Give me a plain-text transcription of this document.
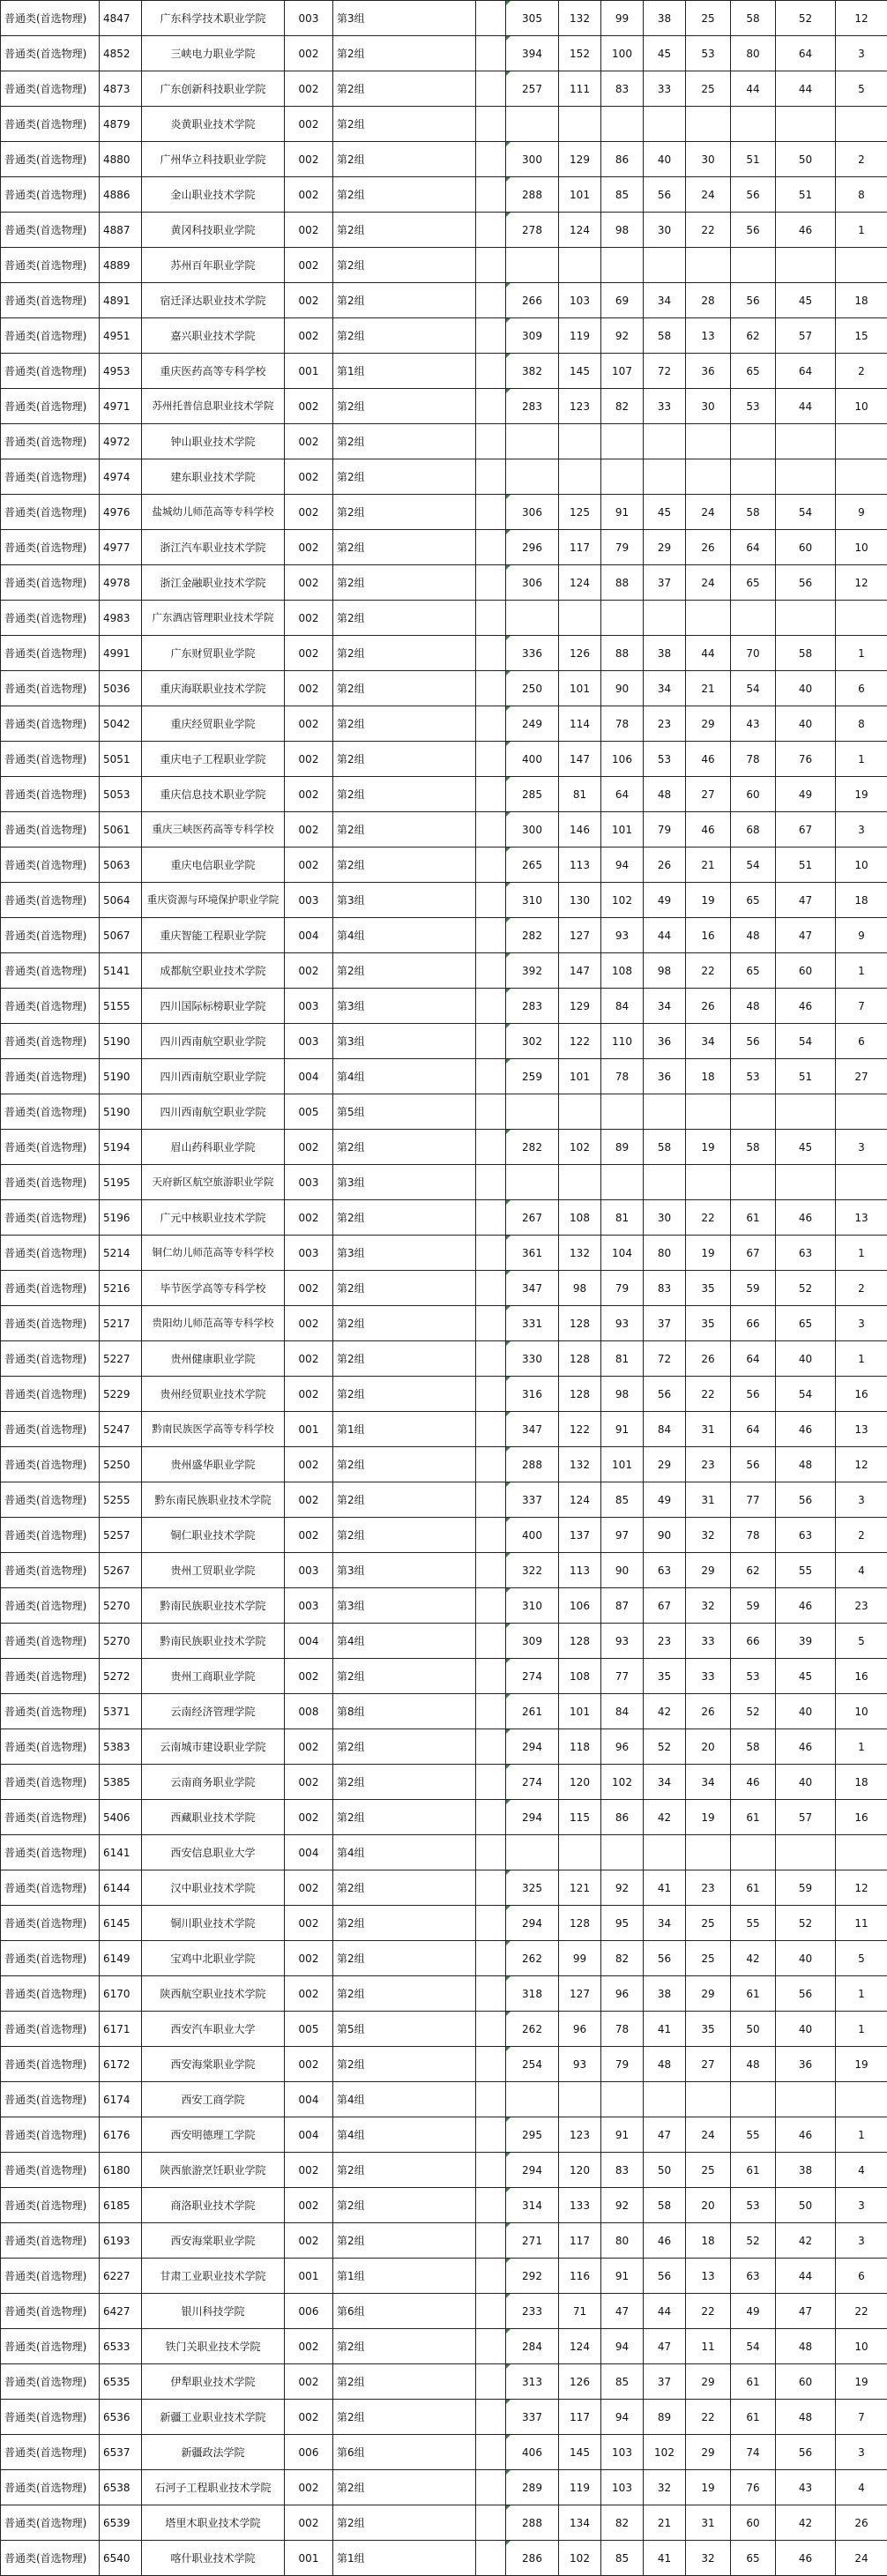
普通类(首选物理)	4847	广东科学技术职业学院	003	第3组		305	132	99	38	25	58	52	12
普通类(首选物理)	4852	三峡电力职业学院	002	第2组		394	152	100	45	53	80	64	3
普通类(首选物理)	4873	广东创新科技职业学院	002	第2组		257	111	83	33	25	44	44	5
普通类(首选物理)	4879	炎黄职业技术学院	002	第2组									
普通类(首选物理)	4880	广州华立科技职业学院	002	第2组		300	129	86	40	30	51	50	2
普通类(首选物理)	4886	金山职业技术学院	002	第2组		288	101	85	56	24	56	51	8
普通类(首选物理)	4887	黄冈科技职业学院	002	第2组		278	124	98	30	22	56	46	1
普通类(首选物理)	4889	苏州百年职业学院	002	第2组									
普通类(首选物理)	4891	宿迁泽达职业技术学院	002	第2组		266	103	69	34	28	56	45	18
普通类(首选物理)	4951	嘉兴职业技术学院	002	第2组		309	119	92	58	13	62	57	15
普通类(首选物理)	4953	重庆医药高等专科学校	001	第1组		382	145	107	72	36	65	64	2
普通类(首选物理)	4971	苏州托普信息职业技术学院	002	第2组		283	123	82	33	30	53	44	10
普通类(首选物理)	4972	钟山职业技术学院	002	第2组									
普通类(首选物理)	4974	建东职业技术学院	002	第2组									
普通类(首选物理)	4976	盐城幼儿师范高等专科学校	002	第2组		306	125	91	45	24	58	54	9
普通类(首选物理)	4977	浙江汽车职业技术学院	002	第2组		296	117	79	29	26	64	60	10
普通类(首选物理)	4978	浙江金融职业技术学院	002	第2组		306	124	88	37	24	65	56	12
普通类(首选物理)	4983	广东酒店管理职业技术学院	002	第2组									
普通类(首选物理)	4991	广东财贸职业学院	002	第2组		336	126	88	38	44	70	58	1
普通类(首选物理)	5036	重庆海联职业技术学院	002	第2组		250	101	90	34	21	54	40	6
普通类(首选物理)	5042	重庆经贸职业学院	002	第2组		249	114	78	23	29	43	40	8
普通类(首选物理)	5051	重庆电子工程职业学院	002	第2组		400	147	106	53	46	78	76	1
普通类(首选物理)	5053	重庆信息技术职业学院	002	第2组		285	81	64	48	27	60	49	19
普通类(首选物理)	5061	重庆三峡医药高等专科学校	002	第2组		300	146	101	79	46	68	67	3
普通类(首选物理)	5063	重庆电信职业学院	002	第2组		265	113	94	26	21	54	51	10
普通类(首选物理)	5064	重庆资源与环境保护职业学院	003	第3组		310	130	102	49	19	65	47	18
普通类(首选物理)	5067	重庆智能工程职业学院	004	第4组		282	127	93	44	16	48	47	9
普通类(首选物理)	5141	成都航空职业技术学院	002	第2组		392	147	108	98	22	65	60	1
普通类(首选物理)	5155	四川国际标榜职业学院	003	第3组		283	129	84	34	26	48	46	7
普通类(首选物理)	5190	四川西南航空职业学院	003	第3组		302	122	110	36	34	56	54	6
普通类(首选物理)	5190	四川西南航空职业学院	004	第4组		259	101	78	36	18	53	51	27
普通类(首选物理)	5190	四川西南航空职业学院	005	第5组									
普通类(首选物理)	5194	眉山药科职业学院	002	第2组		282	102	89	58	19	58	45	3
普通类(首选物理)	5195	天府新区航空旅游职业学院	003	第3组									
普通类(首选物理)	5196	广元中核职业技术学院	002	第2组		267	108	81	30	22	61	46	13
普通类(首选物理)	5214	铜仁幼儿师范高等专科学校	003	第3组		361	132	104	80	19	67	63	1
普通类(首选物理)	5216	毕节医学高等专科学校	002	第2组		347	98	79	83	35	59	52	2
普通类(首选物理)	5217	贵阳幼儿师范高等专科学校	002	第2组		331	128	93	37	35	66	65	3
普通类(首选物理)	5227	贵州健康职业学院	002	第2组		330	128	81	72	26	64	40	1
普通类(首选物理)	5229	贵州经贸职业技术学院	002	第2组		316	128	98	56	22	56	54	16
普通类(首选物理)	5247	黔南民族医学高等专科学校	001	第1组		347	122	91	84	31	64	46	13
普通类(首选物理)	5250	贵州盛华职业学院	002	第2组		288	132	101	29	23	56	48	12
普通类(首选物理)	5255	黔东南民族职业技术学院	002	第2组		337	124	85	49	31	77	56	3
普通类(首选物理)	5257	铜仁职业技术学院	002	第2组		400	137	97	90	32	78	63	2
普通类(首选物理)	5267	贵州工贸职业学院	003	第3组		322	113	90	63	29	62	55	4
普通类(首选物理)	5270	黔南民族职业技术学院	003	第3组		310	106	87	67	32	59	46	23
普通类(首选物理)	5270	黔南民族职业技术学院	004	第4组		309	128	93	23	33	66	39	5
普通类(首选物理)	5272	贵州工商职业学院	002	第2组		274	108	77	35	33	53	45	16
普通类(首选物理)	5371	云南经济管理学院	008	第8组		261	101	84	42	26	52	40	10
普通类(首选物理)	5383	云南城市建设职业学院	002	第2组		294	118	96	52	20	58	46	1
普通类(首选物理)	5385	云南商务职业学院	002	第2组		274	120	102	34	34	46	40	18
普通类(首选物理)	5406	西藏职业技术学院	002	第2组		294	115	86	42	19	61	57	16
普通类(首选物理)	6141	西安信息职业大学	004	第4组									
普通类(首选物理)	6144	汉中职业技术学院	002	第2组		325	121	92	41	23	61	59	12
普通类(首选物理)	6145	铜川职业技术学院	002	第2组		294	128	95	34	25	55	52	11
普通类(首选物理)	6149	宝鸡中北职业学院	002	第2组		262	99	82	56	25	42	40	5
普通类(首选物理)	6170	陕西航空职业技术学院	002	第2组		318	127	96	38	29	61	56	1
普通类(首选物理)	6171	西安汽车职业大学	005	第5组		262	96	78	41	35	50	40	1
普通类(首选物理)	6172	西安海棠职业学院	002	第2组		254	93	79	48	27	48	36	19
普通类(首选物理)	6174	西安工商学院	004	第4组									
普通类(首选物理)	6176	西安明德理工学院	004	第4组		295	123	91	47	24	55	46	1
普通类(首选物理)	6180	陕西旅游烹饪职业学院	002	第2组		294	120	83	50	25	61	38	4
普通类(首选物理)	6185	商洛职业技术学院	002	第2组		314	133	92	58	20	53	50	3
普通类(首选物理)	6193	西安海棠职业学院	002	第2组		271	117	80	46	18	52	42	3
普通类(首选物理)	6227	甘肃工业职业技术学院	001	第1组		292	116	91	56	13	63	44	6
普通类(首选物理)	6427	银川科技学院	006	第6组		233	71	47	44	22	49	47	22
普通类(首选物理)	6533	铁门关职业技术学院	002	第2组		284	124	94	47	11	54	48	10
普通类(首选物理)	6535	伊犁职业技术学院	002	第2组		313	126	85	37	29	61	60	19
普通类(首选物理)	6536	新疆工业职业技术学院	002	第2组		337	117	94	89	22	61	48	7
普通类(首选物理)	6537	新疆政法学院	006	第6组		406	145	103	102	29	74	56	3
普通类(首选物理)	6538	石河子工程职业技术学院	002	第2组		289	119	103	32	19	76	43	4
普通类(首选物理)	6539	塔里木职业技术学院	002	第2组		288	134	82	21	31	60	42	26
普通类(首选物理)	6540	喀什职业技术学院	001	第1组		286	102	85	41	32	65	46	24
